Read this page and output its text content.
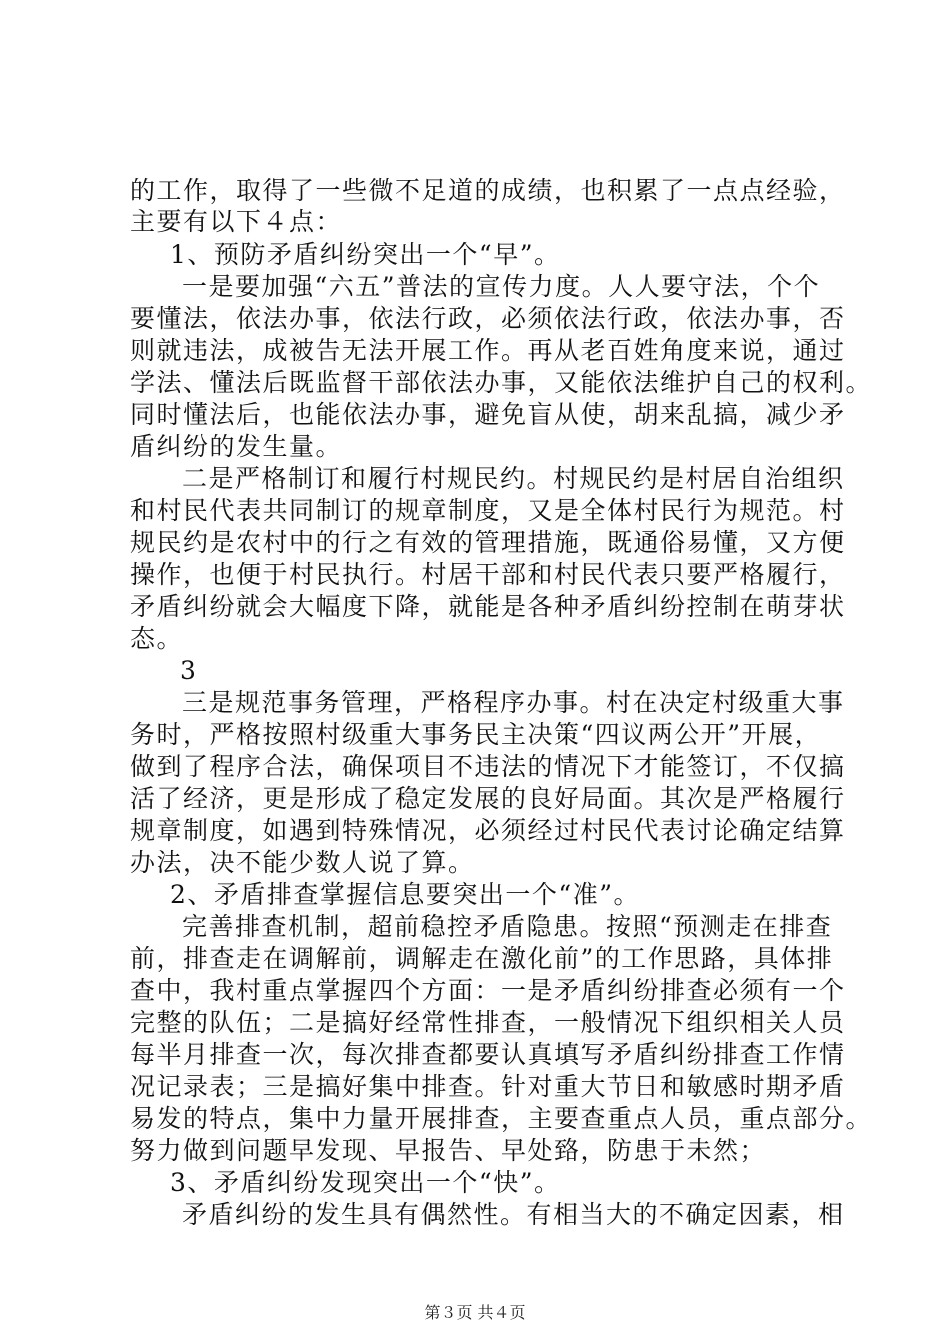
的工作，取得了一些微不足道的成绩，也积累了一点点经验，
主要有以下４点：
1、预防矛盾纠纷突出一个“早”。
一是要加强“六五”普法的宣传力度。人人要守法，个个
要懂法，依法办事，依法行政，必须依法行政，依法办事，否
则就违法，成被告无法开展工作。再从老百姓角度来说，通过
学法、懂法后既监督干部依法办事，又能依法维护自己的权利。
同时懂法后，也能依法办事，避免盲从使，胡来乱搞，减少矛
盾纠纷的发生量。
二是严格制订和履行村规民约。村规民约是村居自治组织
和村民代表共同制订的规章制度，又是全体村民行为规范。村
规民约是农村中的行之有效的管理措施，既通俗易懂，又方便
操作，也便于村民执行。村居干部和村民代表只要严格履行，
矛盾纠纷就会大幅度下降，就能是各种矛盾纠纷控制在萌芽状
态。
3
三是规范事务管理，严格程序办事。村在决定村级重大事
务时，严格按照村级重大事务民主决策“四议两公开”开展，
做到了程序合法，确保项目不违法的情况下才能签订，不仅搞
活了经济，更是形成了稳定发展的良好局面。其次是严格履行
规章制度，如遇到特殊情况，必须经过村民代表讨论确定结算
办法，决不能少数人说了算。
2、矛盾排查掌握信息要突出一个“准”。
完善排查机制，超前稳控矛盾隐患。按照“预测走在排查
前，排查走在调解前，调解走在激化前”的工作思路，具体排
查中，我村重点掌握四个方面：一是矛盾纠纷排查必须有一个
完整的队伍；二是搞好经常性排查，一般情况下组织相关人员
每半月排查一次，每次排查都要认真填写矛盾纠纷排查工作情
况记录表；三是搞好集中排查。针对重大节日和敏感时期矛盾
易发的特点，集中力量开展排查，主要查重点人员，重点部分。
努力做到问题早发现、早报告、早处臵，防患于未然；
3、矛盾纠纷发现突出一个“快”。
矛盾纠纷的发生具有偶然性。有相当大的不确定因素，相
第３页 共４页
